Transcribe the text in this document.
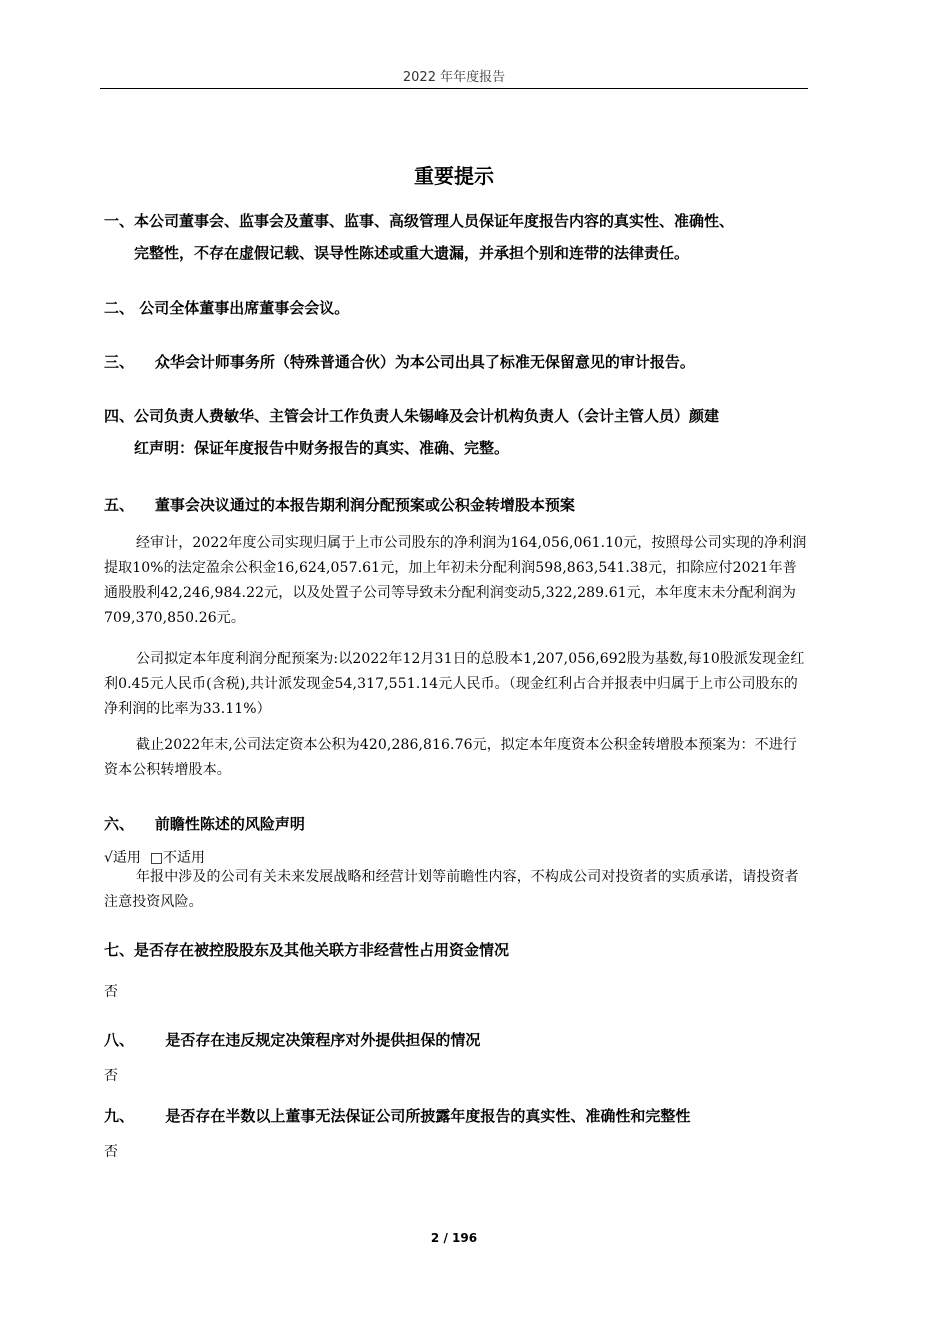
2022 年年度报告
重要提示
一、本公司董事会、监事会及董事、监事、高级管理人员保证年度报告内容的真实性、准确性、
完整性，不存在虚假记载、误导性陈述或重大遗漏，并承担个别和连带的法律责任。
二、 公司全体董事出席董事会会议。
三、 众华会计师事务所（特殊普通合伙）为本公司出具了标准无保留意见的审计报告。
四、公司负责人费敏华、主管会计工作负责人朱锡峰及会计机构负责人（会计主管人员）颜建
红声明：保证年度报告中财务报告的真实、准确、完整。
五、 董事会决议通过的本报告期利润分配预案或公积金转增股本预案
经审计，2022年度公司实现归属于上市公司股东的净利润为164,056,061.10元，按照母公司实现的净利润提取10%的法定盈余公积金16,624,057.61元，加上年初未分配利润598,863,541.38元，扣除应付2021年普通股股利42,246,984.22元，以及处置子公司等导致未分配利润变动5,322,289.61元，本年度末未分配利润为709,370,850.26元。
公司拟定本年度利润分配预案为:以2022年12月31日的总股本1,207,056,692股为基数,每10股派发现金红利0.45元人民币(含税),共计派发现金54,317,551.14元人民币。（现金红利占合并报表中归属于上市公司股东的净利润的比率为33.11%）
截止2022年末,公司法定资本公积为420,286,816.76元，拟定本年度资本公积金转增股本预案为：不进行资本公积转增股本。
六、 前瞻性陈述的风险声明
√适用 □不适用
年报中涉及的公司有关未来发展战略和经营计划等前瞻性内容，不构成公司对投资者的实质承诺，请投资者注意投资风险。
七、是否存在被控股股东及其他关联方非经营性占用资金情况
否
八、 是否存在违反规定决策程序对外提供担保的情况
否
九、 是否存在半数以上董事无法保证公司所披露年度报告的真实性、准确性和完整性
否
2 / 196
